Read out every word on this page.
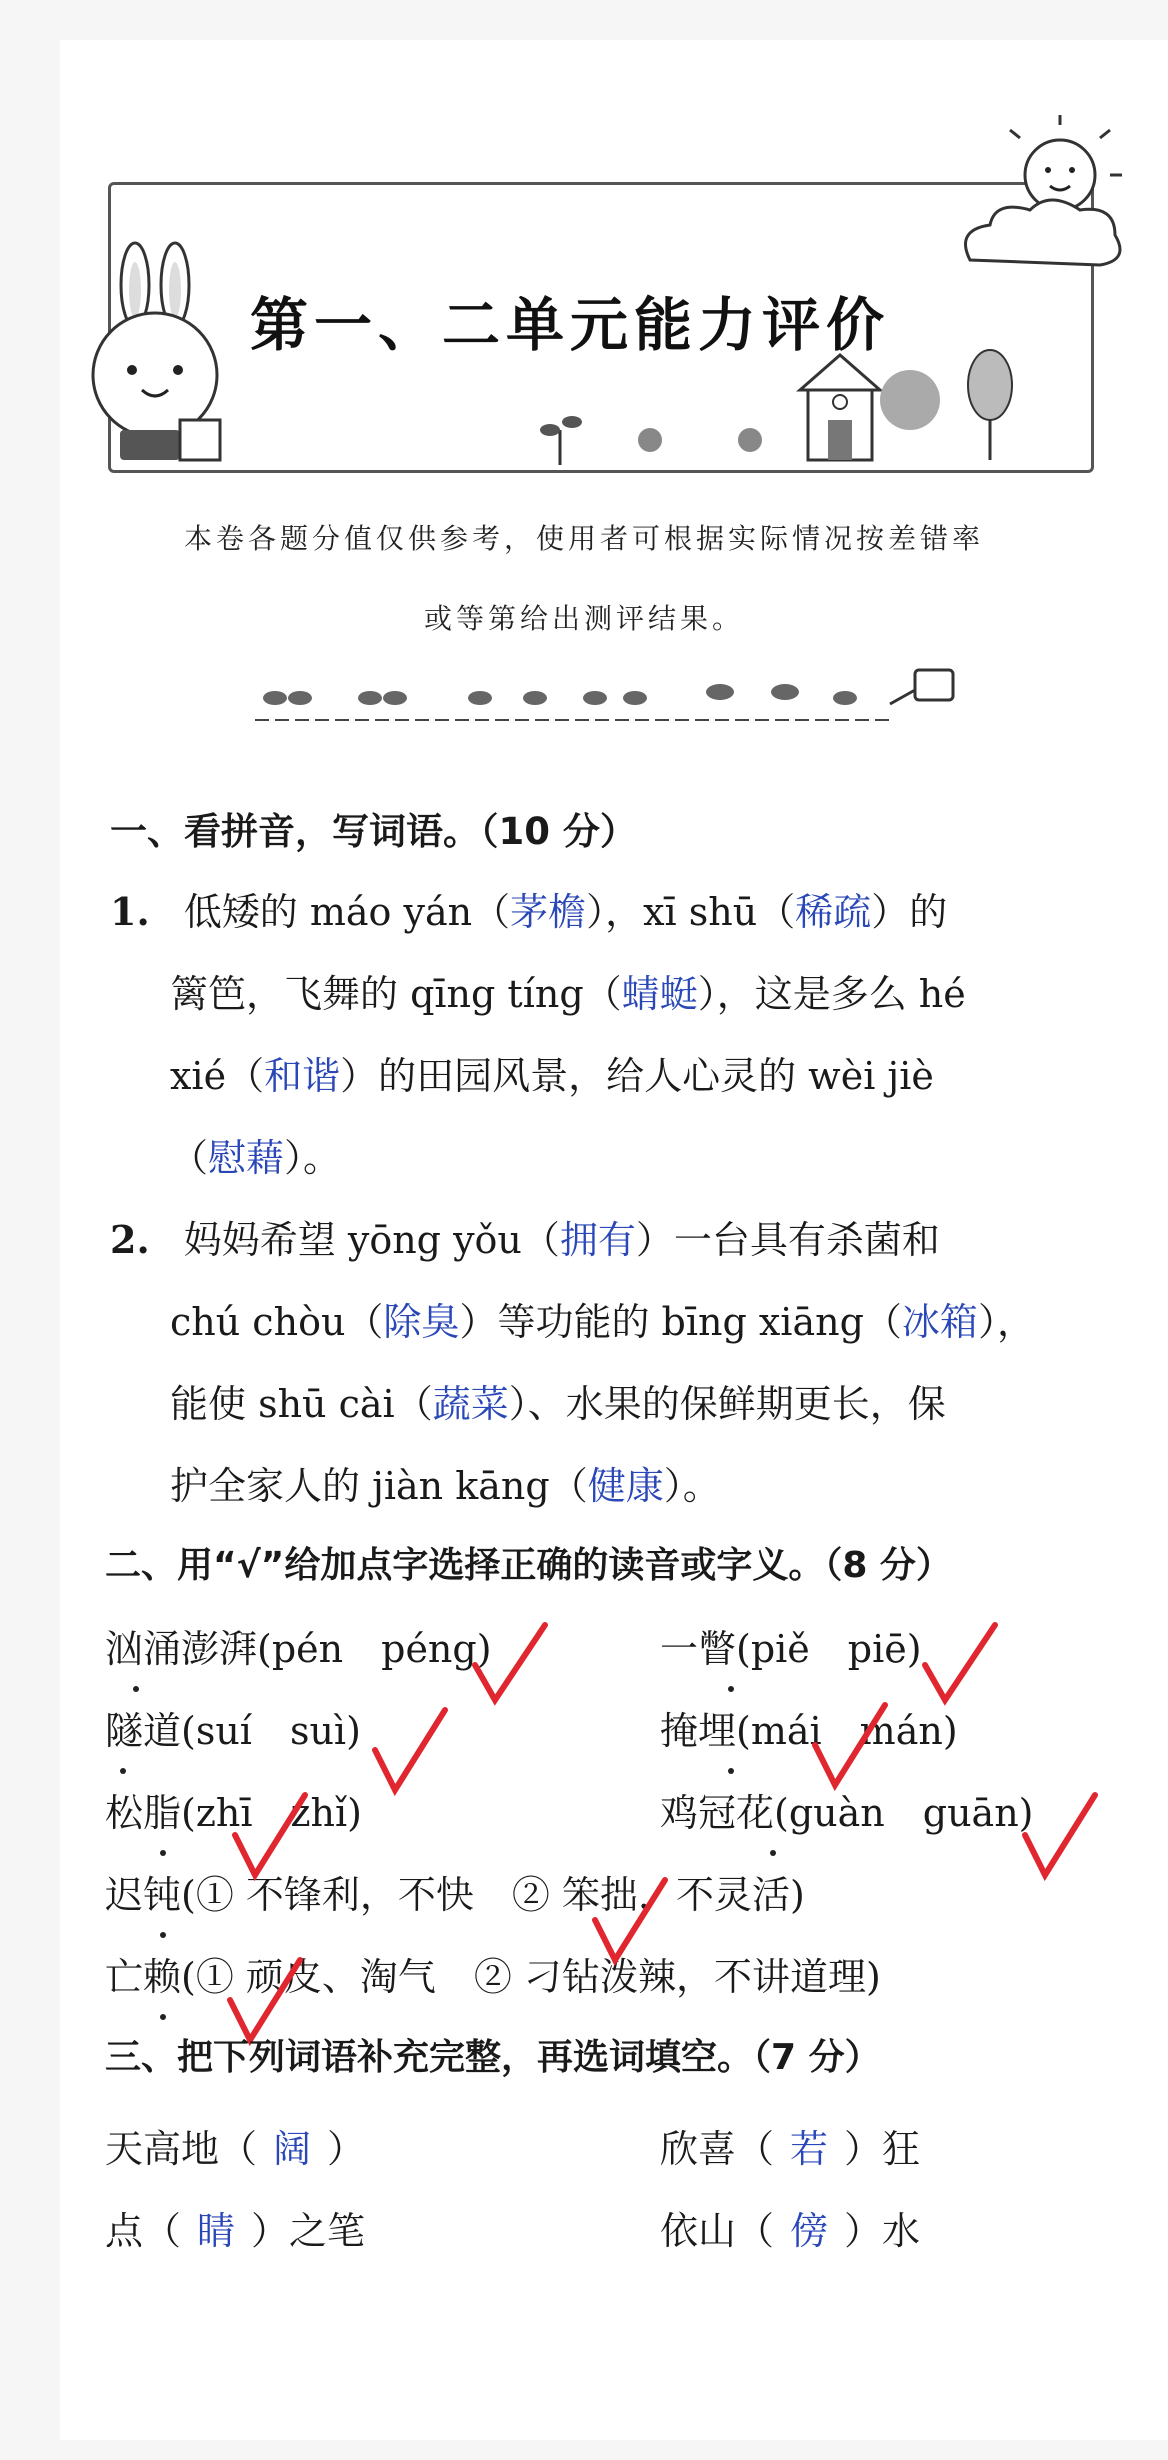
第一、二单元能力评价
本卷各题分值仅供参考，使用者可根据实际情况按差错率
或等第给出测评结果。
一、看拼音，写词语。（10 分）
1. 低矮的 máo yán（茅檐），xī shū（稀疏）的
篱笆，飞舞的 qīng tíng（蜻蜓），这是多么 hé
xié（和谐）的田园风景，给人心灵的 wèi jiè
（慰藉）。
2. 妈妈希望 yōng yǒu（拥有）一台具有杀菌和
chú chòu（除臭）等功能的 bīng xiāng（冰箱），
能使 shū cài（蔬菜）、水果的保鲜期更长，保
护全家人的 jiàn kāng（健康）。
二、用“√”给加点字选择正确的读音或字义。（8 分）
汹涌澎湃(pén　péng)	一瞥(piě　piē)
隧道(suí　suì)	掩埋(mái　mán)
松脂(zhī　zhǐ)	鸡冠花(guàn　guān)
迟钝(① 不锋利，不快　② 笨拙，不灵活)
亡赖(① 顽皮、淘气　② 刁钻泼辣，不讲道理)
三、把下列词语补充完整，再选词填空。（7 分）
天高地（ 阔 ）	欣喜（ 若 ）狂
点（ 睛 ）之笔	依山（ 傍 ）水
